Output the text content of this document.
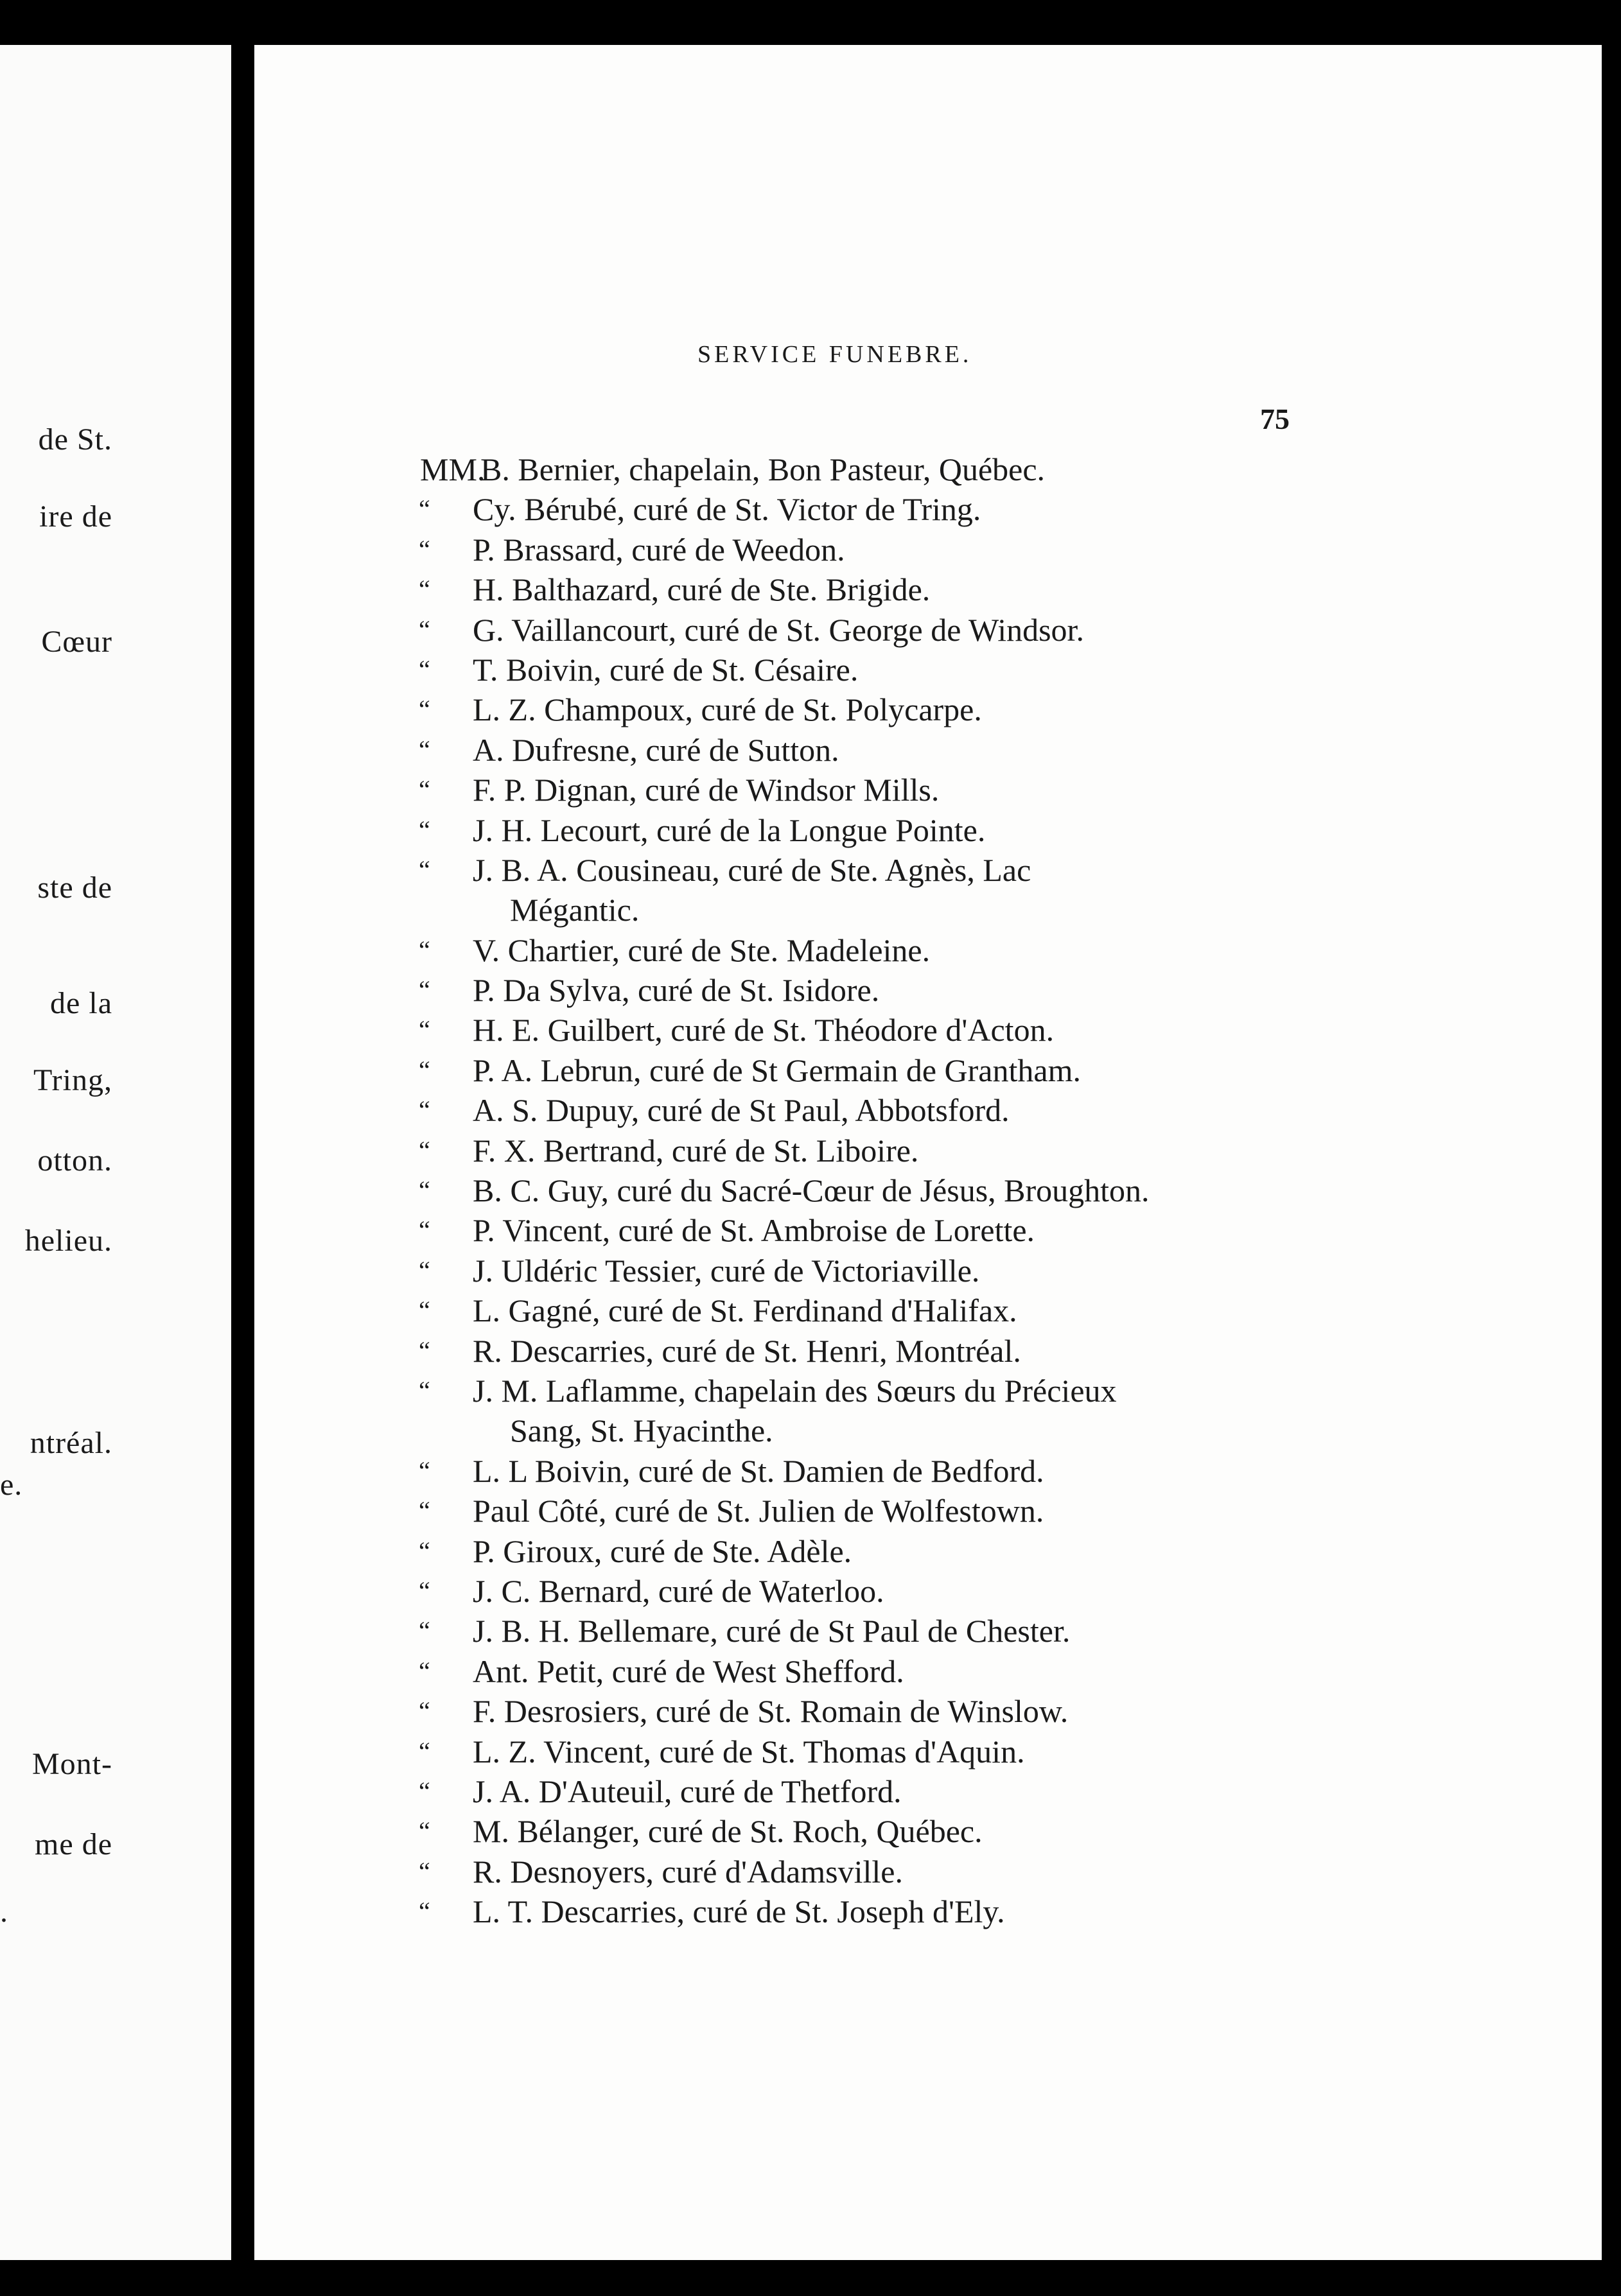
de St.
ire de
Cœur
ste de
de la
Tring,
otton.
helieu.
ntréal.
e.
Mont-
me de
.
SERVICE FUNEBRE.
75
MM.
B. Bernier, chapelain, Bon Pasteur, Québec.
“ Cy. Bérubé, curé de St. Victor de Tring.
“ P. Brassard, curé de Weedon.
“ H. Balthazard, curé de Ste. Brigide.
“ G. Vaillancourt, curé de St. George de Windsor.
“ T. Boivin, curé de St. Césaire.
“ L. Z. Champoux, curé de St. Polycarpe.
“ A. Dufresne, curé de Sutton.
“ F. P. Dignan, curé de Windsor Mills.
“ J. H. Lecourt, curé de la Longue Pointe.
“ J. B. A. Cousineau, curé de Ste. Agnès, Lac
Mégantic.
“ V. Chartier, curé de Ste. Madeleine.
“ P. Da Sylva, curé de St. Isidore.
“ H. E. Guilbert, curé de St. Théodore d'Acton.
“ P. A. Lebrun, curé de St Germain de Grantham.
“ A. S. Dupuy, curé de St Paul, Abbotsford.
“ F. X. Bertrand, curé de St. Liboire.
“ B. C. Guy, curé du Sacré-Cœur de Jésus, Broughton.
“ P. Vincent, curé de St. Ambroise de Lorette.
“ J. Uldéric Tessier, curé de Victoriaville.
“ L. Gagné, curé de St. Ferdinand d'Halifax.
“ R. Descarries, curé de St. Henri, Montréal.
“ J. M. Laflamme, chapelain des Sœurs du Précieux
Sang, St. Hyacinthe.
“ L. L Boivin, curé de St. Damien de Bedford.
“ Paul Côté, curé de St. Julien de Wolfestown.
“ P. Giroux, curé de Ste. Adèle.
“ J. C. Bernard, curé de Waterloo.
“ J. B. H. Bellemare, curé de St Paul de Chester.
“ Ant. Petit, curé de West Shefford.
“ F. Desrosiers, curé de St. Romain de Winslow.
“ L. Z. Vincent, curé de St. Thomas d'Aquin.
“ J. A. D'Auteuil, curé de Thetford.
“ M. Bélanger, curé de St. Roch, Québec.
“ R. Desnoyers, curé d'Adamsville.
“ L. T. Descarries, curé de St. Joseph d'Ely.
